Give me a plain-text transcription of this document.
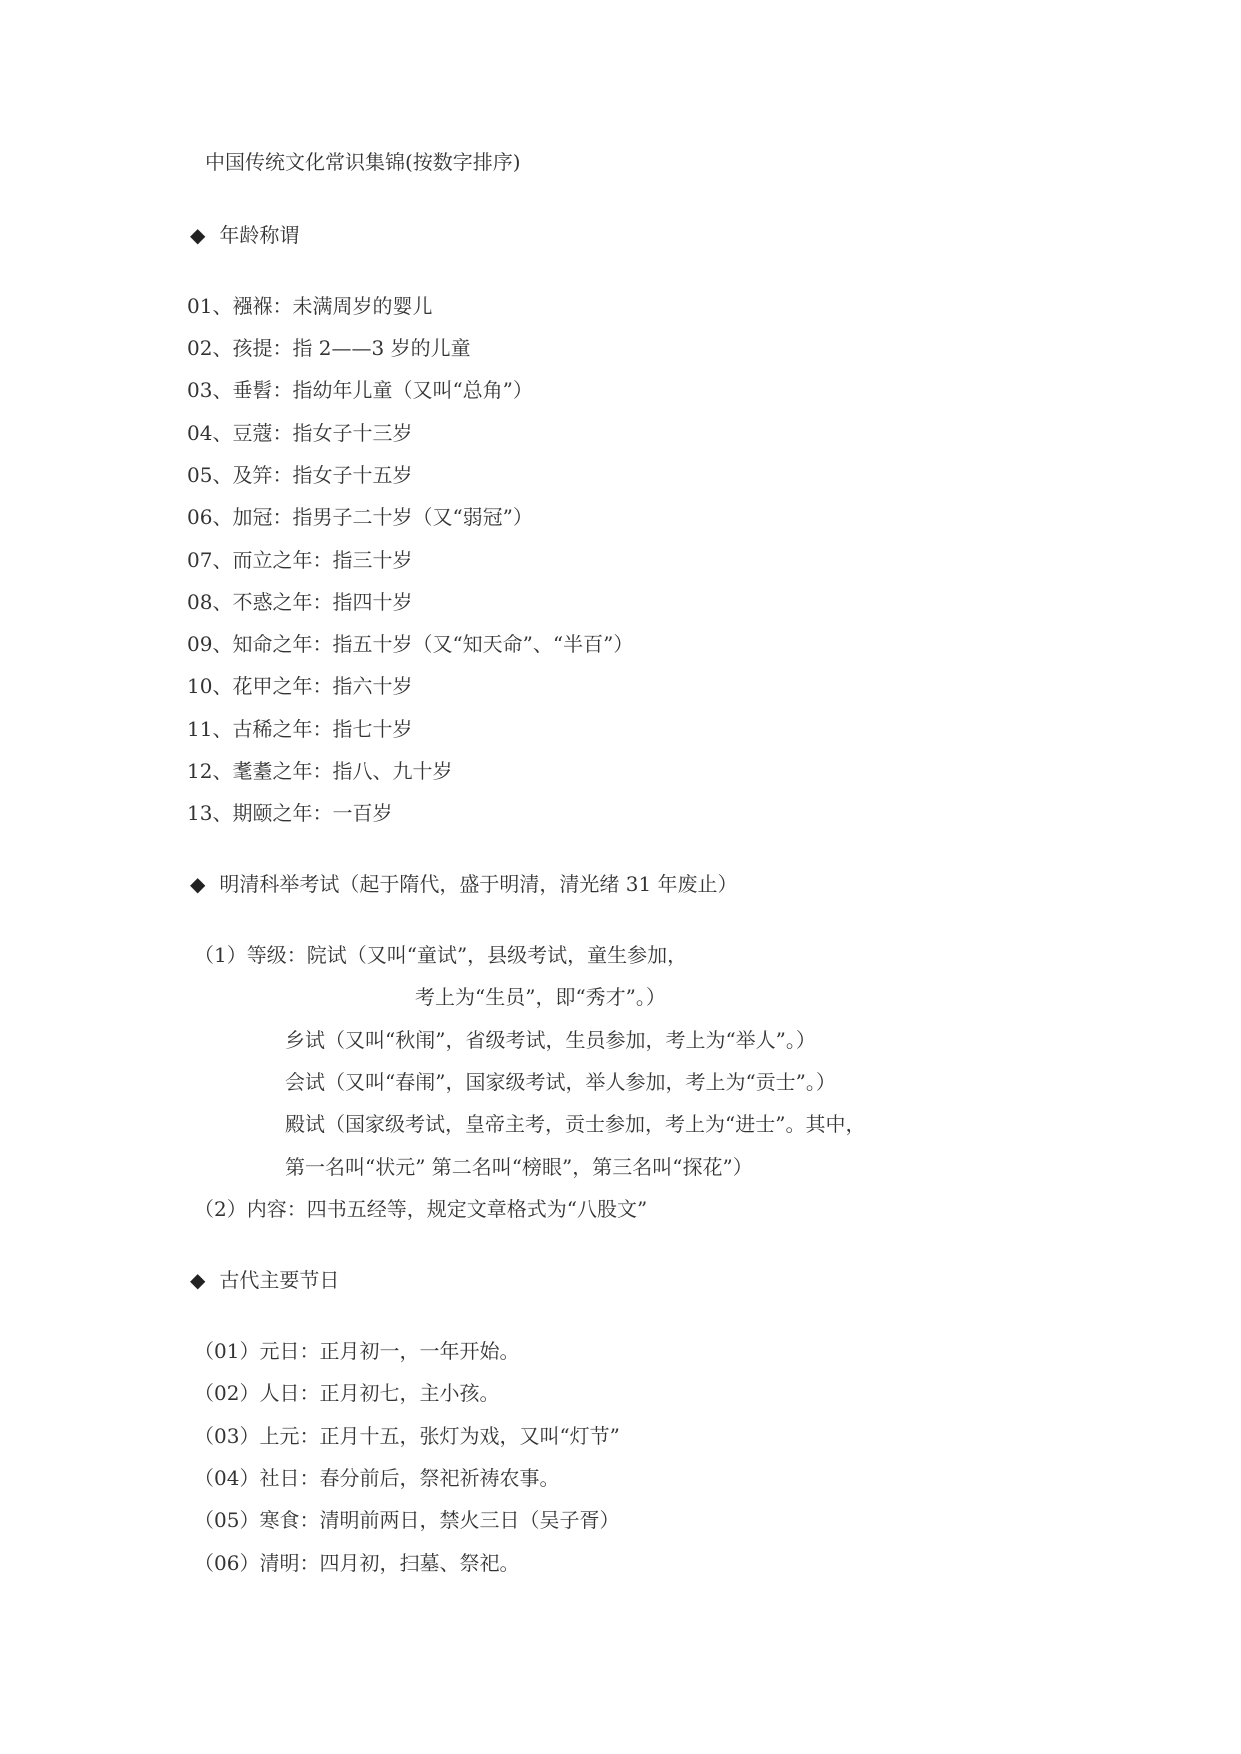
中国传统文化常识集锦(按数字排序)
◆ 年龄称谓
01、襁褓：未满周岁的婴儿
02、孩提：指 2——3 岁的儿童
03、垂髫：指幼年儿童（又叫“总角”）
04、豆蔻：指女子十三岁
05、及笄：指女子十五岁
06、加冠：指男子二十岁（又“弱冠”）
07、而立之年：指三十岁
08、不惑之年：指四十岁
09、知命之年：指五十岁（又“知天命”、“半百”）
10、花甲之年：指六十岁
11、古稀之年：指七十岁
12、耄耋之年：指八、九十岁
13、期颐之年：一百岁
◆ 明清科举考试（起于隋代，盛于明清，清光绪 31 年废止）
（1）等级：院试（又叫“童试”，县级考试，童生参加，
考上为“生员”，即“秀才”。）
乡试（又叫“秋闱”，省级考试，生员参加，考上为“举人”。）
会试（又叫“春闱”，国家级考试，举人参加，考上为“贡士”。）
殿试（国家级考试，皇帝主考，贡士参加，考上为“进士”。其中，
第一名叫“状元” 第二名叫“榜眼”，第三名叫“探花”）
（2）内容：四书五经等，规定文章格式为“八股文”
◆ 古代主要节日
（01）元日：正月初一，一年开始。
（02）人日：正月初七，主小孩。
（03）上元：正月十五，张灯为戏，又叫“灯节”
（04）社日：春分前后，祭祀祈祷农事。
（05）寒食：清明前两日，禁火三日（吴子胥）
（06）清明：四月初，扫墓、祭祀。
